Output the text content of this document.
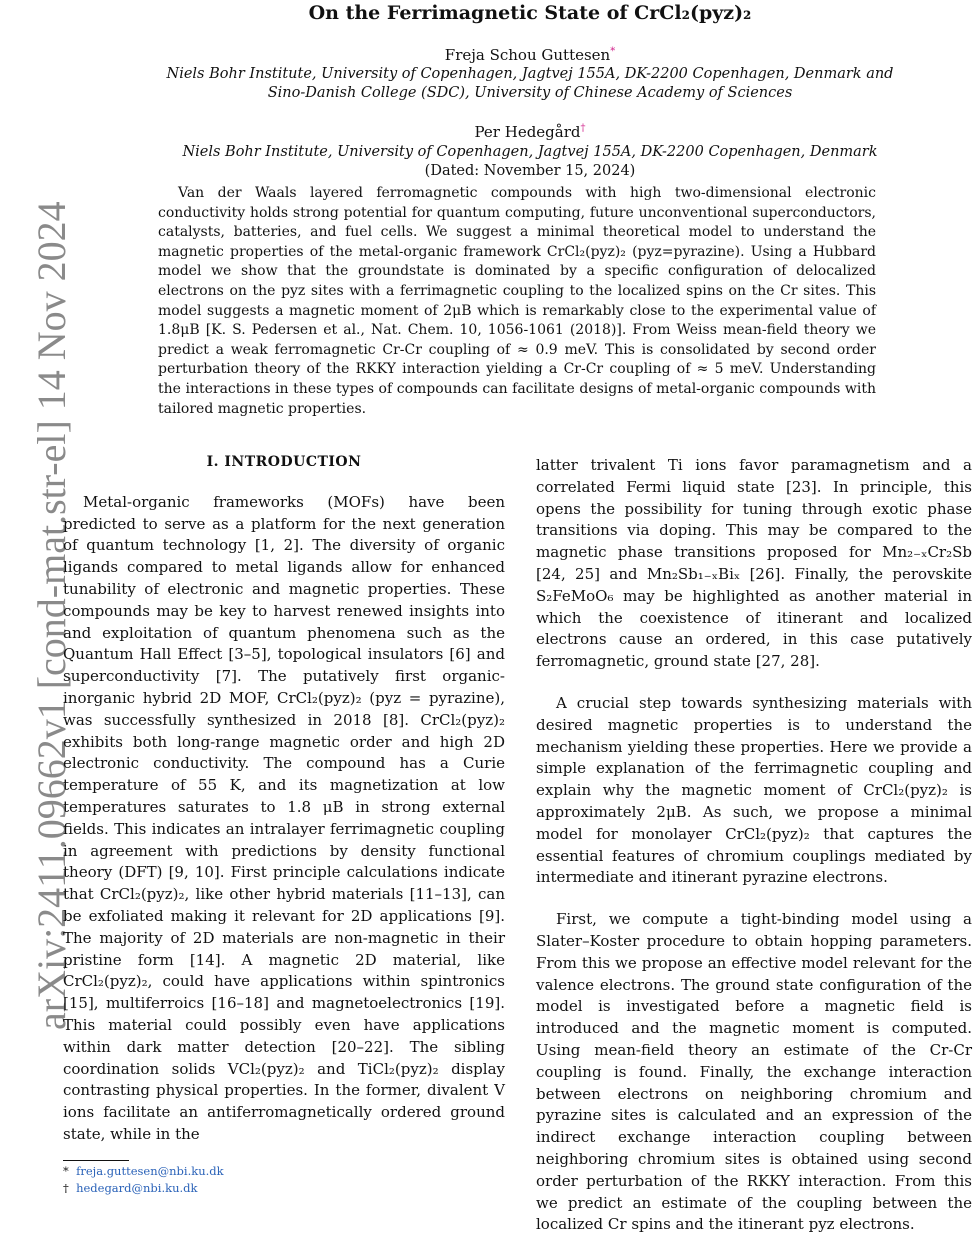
arXiv:2411.09662v1 [cond-mat.str-el] 14 Nov 2024
On the Ferrimagnetic State of CrCl₂(pyz)₂
Freja Schou Guttesen*
Niels Bohr Institute, University of Copenhagen, Jagtvej 155A, DK-2200 Copenhagen, Denmark and
Sino-Danish College (SDC), University of Chinese Academy of Sciences
Per Hedegård†
Niels Bohr Institute, University of Copenhagen, Jagtvej 155A, DK-2200 Copenhagen, Denmark
(Dated: November 15, 2024)
Van der Waals layered ferromagnetic compounds with high two-dimensional electronic conductivity holds strong potential for quantum computing, future unconventional superconductors, catalysts, batteries, and fuel cells. We suggest a minimal theoretical model to understand the magnetic properties of the metal-organic framework CrCl₂(pyz)₂ (pyz=pyrazine). Using a Hubbard model we show that the groundstate is dominated by a specific configuration of delocalized electrons on the pyz sites with a ferrimagnetic coupling to the localized spins on the Cr sites. This model suggests a magnetic moment of 2μB which is remarkably close to the experimental value of 1.8μB [K. S. Pedersen et al., Nat. Chem. 10, 1056-1061 (2018)]. From Weiss mean-field theory we predict a weak ferromagnetic Cr-Cr coupling of ≈ 0.9 meV. This is consolidated by second order perturbation theory of the RKKY interaction yielding a Cr-Cr coupling of ≈ 5 meV. Understanding the interactions in these types of compounds can facilitate designs of metal-organic compounds with tailored magnetic properties.
I. INTRODUCTION

Metal-organic frameworks (MOFs) have been predicted to serve as a platform for the next generation of quantum technology [1, 2]. The diversity of organic ligands compared to metal ligands allow for enhanced tunability of electronic and magnetic properties. These compounds may be key to harvest renewed insights into and exploitation of quantum phenomena such as the Quantum Hall Effect [3–5], topological insulators [6] and superconductivity [7]. The putatively first organic-inorganic hybrid 2D MOF, CrCl₂(pyz)₂ (pyz = pyrazine), was successfully synthesized in 2018 [8]. CrCl₂(pyz)₂ exhibits both long-range magnetic order and high 2D electronic conductivity. The compound has a Curie temperature of 55 K, and its magnetization at low temperatures saturates to 1.8 μB in strong external fields. This indicates an intralayer ferrimagnetic coupling in agreement with predictions by density functional theory (DFT) [9, 10]. First principle calculations indicate that CrCl₂(pyz)₂, like other hybrid materials [11–13], can be exfoliated making it relevant for 2D applications [9]. The majority of 2D materials are non-magnetic in their pristine form [14]. A magnetic 2D material, like CrCl₂(pyz)₂, could have applications within spintronics [15], multiferroics [16–18] and magnetoelectronics [19]. This material could possibly even have applications within dark matter detection [20–22]. The sibling coordination solids VCl₂(pyz)₂ and TiCl₂(pyz)₂ display contrasting physical properties. In the former, divalent V ions facilitate an antiferromagnetically ordered ground state, while in the

latter trivalent Ti ions favor paramagnetism and a correlated Fermi liquid state [23]. In principle, this opens the possibility for tuning through exotic phase transitions via doping. This may be compared to the magnetic phase transitions proposed for Mn₂₋ₓCr₂Sb [24, 25] and Mn₂Sb₁₋ₓBiₓ [26]. Finally, the perovskite S₂FeMoO₆ may be highlighted as another material in which the coexistence of itinerant and localized electrons cause an ordered, in this case putatively ferromagnetic, ground state [27, 28].

A crucial step towards synthesizing materials with desired magnetic properties is to understand the mechanism yielding these properties. Here we provide a simple explanation of the ferrimagnetic coupling and explain why the magnetic moment of CrCl₂(pyz)₂ is approximately 2μB. As such, we propose a minimal model for monolayer CrCl₂(pyz)₂ that captures the essential features of chromium couplings mediated by intermediate and itinerant pyrazine electrons.

First, we compute a tight-binding model using a Slater–Koster procedure to obtain hopping parameters. From this we propose an effective model relevant for the valence electrons. The ground state configuration of the model is investigated before a magnetic field is introduced and the magnetic moment is computed. Using mean-field theory an estimate of the Cr-Cr coupling is found. Finally, the exchange interaction between electrons on neighboring chromium and pyrazine sites is calculated and an expression of the indirect exchange interaction coupling between neighboring chromium sites is obtained using second order perturbation of the RKKY interaction. From this we predict an estimate of the coupling between the localized Cr spins and the itinerant pyz electrons.

* freja.guttesen@nbi.ku.dk
† hedegard@nbi.ku.dk
